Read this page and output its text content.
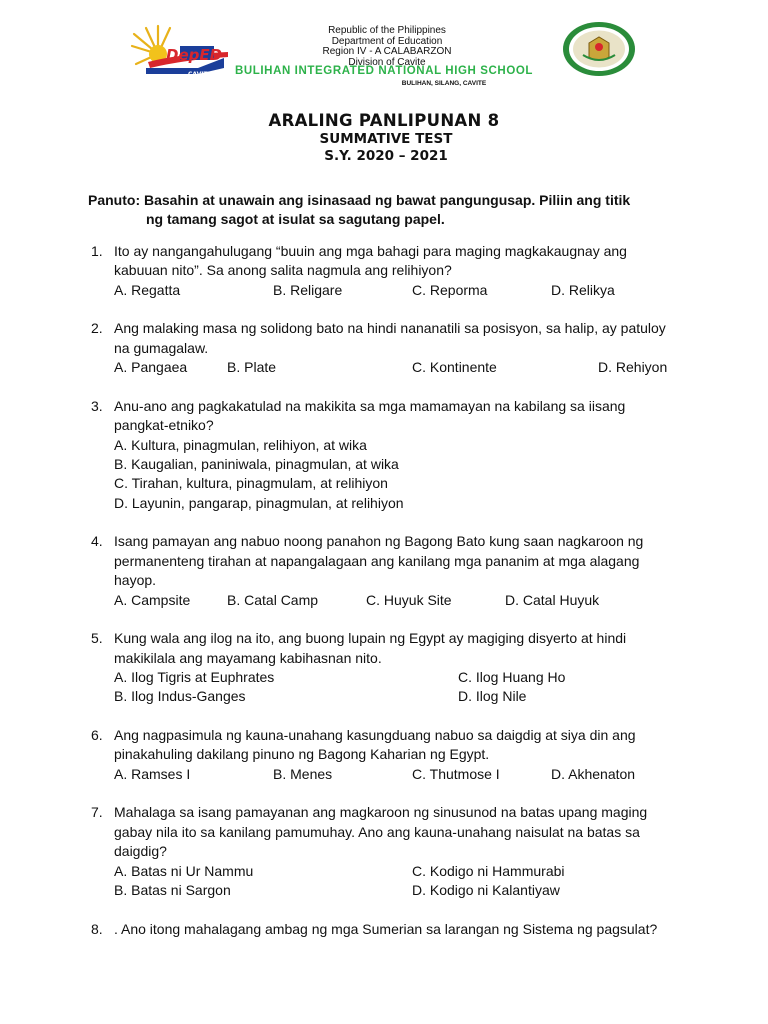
DepED
CAVITE
Republic of the Philippines
Department of Education
Region IV - A CALABARZON
Division of Cavite
BULIHAN INTEGRATED NATIONAL HIGH SCHOOL
BULIHAN, SILANG, CAVITE
ARALING PANLIPUNAN 8
SUMMATIVE TEST
S.Y. 2020 – 2021
Panuto: Basahin at unawain ang isinasaad ng bawat pangungusap. Piliin ang titik
ng tamang sagot at isulat sa sagutang papel.
1. Ito ay nangangahulugang “buuin ang mga bahagi para maging magkakaugnay ang
kabuuan nito”. Sa anong salita nagmula ang relihiyon?
A. Regatta	B. Religare	C. Reporma	D. Relikya
2. Ang malaking masa ng solidong bato na hindi nananatili sa posisyon, sa halip, ay patuloy
na gumagalaw.
A. Pangaea	B. Plate	C. Kontinente	D. Rehiyon
3. Anu-ano ang pagkakatulad na makikita sa mga mamamayan na kabilang sa iisang
pangkat-etniko?
A. Kultura, pinagmulan, relihiyon, at wika
B. Kaugalian, paniniwala, pinagmulan, at wika
C. Tirahan, kultura, pinagmulam, at relihiyon
D. Layunin, pangarap, pinagmulan, at relihiyon
4. Isang pamayan ang nabuo noong panahon ng Bagong Bato kung saan nagkaroon ng
permanenteng tirahan at napangalagaan ang kanilang mga pananim at mga alagang
hayop.
A. Campsite	B. Catal Camp	C. Huyuk Site	D. Catal Huyuk
5. Kung wala ang ilog na ito, ang buong lupain ng Egypt ay magiging disyerto at hindi
makikilala ang mayamang kabihasnan nito.
A. Ilog Tigris at Euphrates	C. Ilog Huang Ho
B. Ilog Indus-Ganges	D. Ilog Nile
6. Ang nagpasimula ng kauna-unahang kasungduang nabuo sa daigdig at siya din ang
pinakahuling dakilang pinuno ng Bagong Kaharian ng Egypt.
A. Ramses I	B. Menes	C. Thutmose I	D. Akhenaton
7. Mahalaga sa isang pamayanan ang magkaroon ng sinusunod na batas upang maging
gabay nila ito sa kanilang pamumuhay. Ano ang kauna-unahang naisulat na batas sa
daigdig?
A. Batas ni Ur Nammu	C. Kodigo ni Hammurabi
B. Batas ni Sargon	D. Kodigo ni Kalantiyaw
8. . Ano itong mahalagang ambag ng mga Sumerian sa larangan ng Sistema ng pagsulat?
